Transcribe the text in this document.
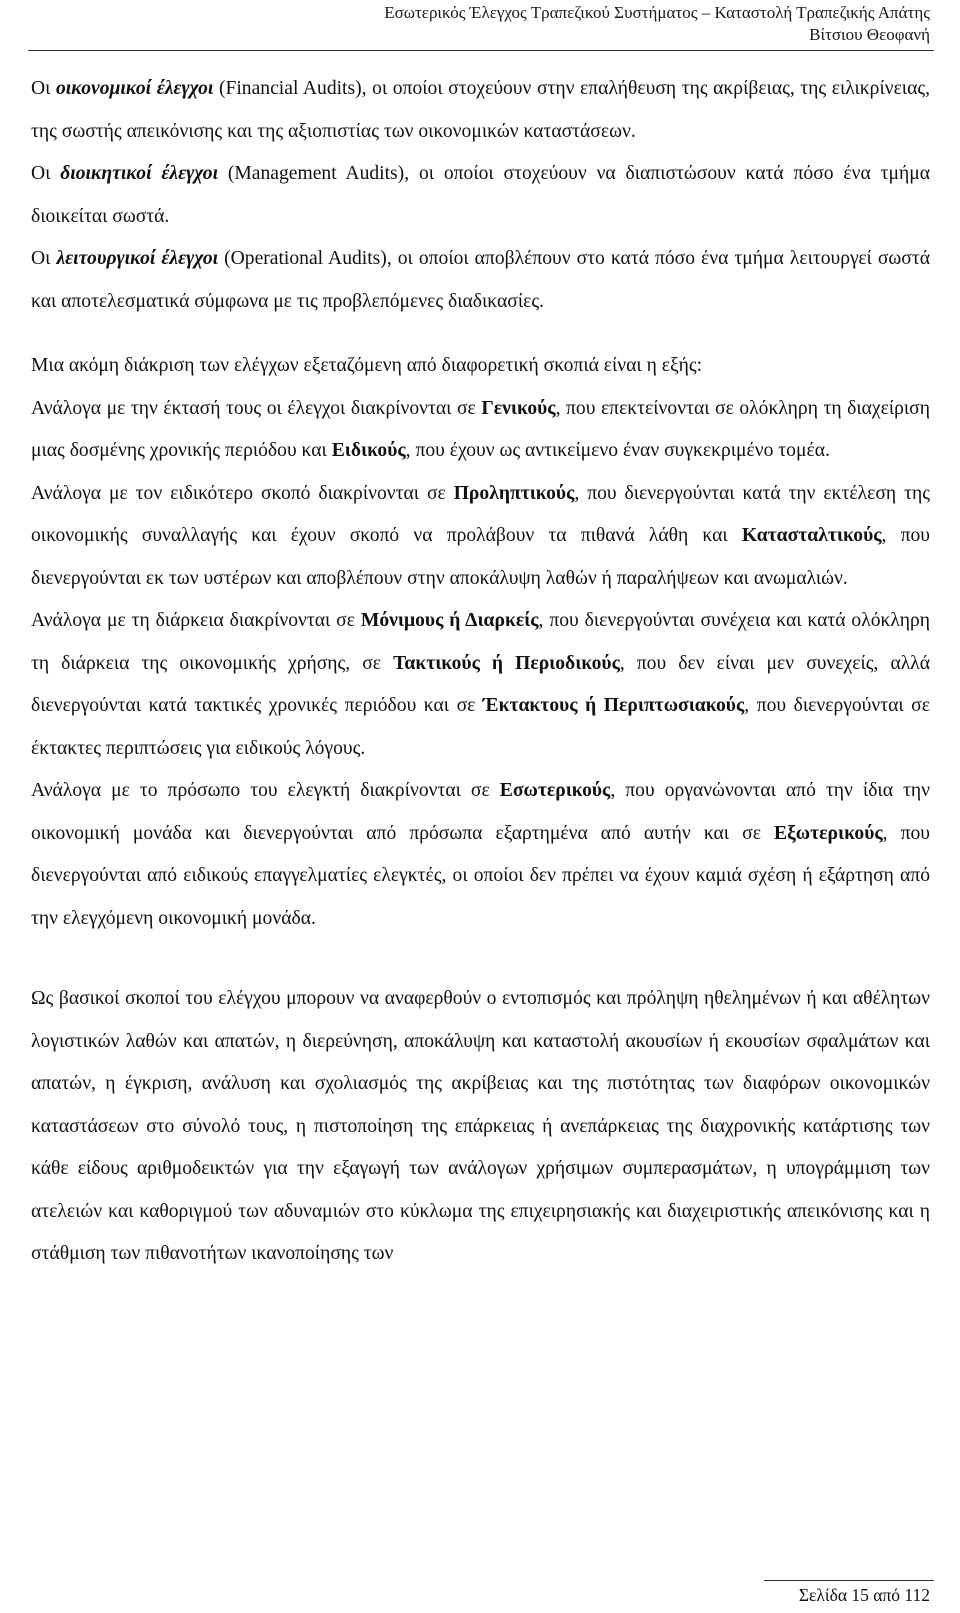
Εσωτερικός Έλεγχος Τραπεζικού Συστήματος – Καταστολή Τραπεζικής Απάτης
Βίτσιου Θεοφανή

Οι οικονομικοί έλεγχοι (Financial Audits), οι οποίοι στοχεύουν στην επαλήθευση της ακρίβειας, της ειλικρίνειας, της σωστής απεικόνισης και της αξιοπιστίας των οικονομικών καταστάσεων.

Οι διοικητικοί έλεγχοι (Management Audits), οι οποίοι στοχεύουν να διαπιστώσουν κατά πόσο ένα τμήμα διοικείται σωστά.

Οι λειτουργικοί έλεγχοι (Operational Audits), οι οποίοι αποβλέπουν στο κατά πόσο ένα τμήμα λειτουργεί σωστά και αποτελεσματικά σύμφωνα με τις προβλεπόμενες διαδικασίες.

Μια ακόμη διάκριση των ελέγχων εξεταζόμενη από διαφορετική σκοπιά είναι η εξής:

Ανάλογα με την έκτασή τους οι έλεγχοι διακρίνονται σε Γενικούς, που επεκτείνονται σε ολόκληρη τη διαχείριση μιας δοσμένης χρονικής περιόδου και Ειδικούς, που έχουν ως αντικείμενο έναν συγκεκριμένο τομέα.

Ανάλογα με τον ειδικότερο σκοπό διακρίνονται σε Προληπτικούς, που διενεργούνται κατά την εκτέλεση της οικονομικής συναλλαγής και έχουν σκοπό να προλάβουν τα πιθανά λάθη και Κατασταλτικούς, που διενεργούνται εκ των υστέρων και αποβλέπουν στην αποκάλυψη λαθών ή παραλήψεων και ανωμαλιών.

Ανάλογα με τη διάρκεια διακρίνονται σε Μόνιμους ή Διαρκείς, που διενεργούνται συνέχεια και κατά ολόκληρη τη διάρκεια της οικονομικής χρήσης, σε Τακτικούς ή Περιοδικούς, που δεν είναι μεν συνεχείς, αλλά διενεργούνται κατά τακτικές χρονικές περιόδου και σε Έκτακτους ή Περιπτωσιακούς, που διενεργούνται σε έκτακτες περιπτώσεις για ειδικούς λόγους.

Ανάλογα με το πρόσωπο του ελεγκτή διακρίνονται σε Εσωτερικούς, που οργανώνονται από την ίδια την οικονομική μονάδα και διενεργούνται από πρόσωπα εξαρτημένα από αυτήν και σε Εξωτερικούς, που διενεργούνται από ειδικούς επαγγελματίες ελεγκτές, οι οποίοι δεν πρέπει να έχουν καμιά σχέση ή εξάρτηση από την ελεγχόμενη οικονομική μονάδα.

Ως βασικοί σκοποί του ελέγχου μπορουν να αναφερθούν ο εντοπισμός και πρόληψη ηθελημένων ή και αθέλητων λογιστικών λαθών και απατών, η διερεύνηση, αποκάλυψη και καταστολή ακουσίων ή εκουσίων σφαλμάτων και απατών, η έγκριση, ανάλυση και σχολιασμός της ακρίβειας και της πιστότητας των διαφόρων οικονομικών καταστάσεων στο σύνολό τους, η πιστοποίηση της επάρκειας ή ανεπάρκειας της διαχρονικής κατάρτισης των κάθε είδους αριθμοδεικτών για την εξαγωγή των ανάλογων χρήσιμων συμπερασμάτων, η υπογράμμιση των ατελειών και καθοριγμού των αδυναμιών στο κύκλωμα της επιχειρησιακής και διαχειριστικής απεικόνισης και η στάθμιση των πιθανοτήτων ικανοποίησης των

Σελίδα 15 από 112
